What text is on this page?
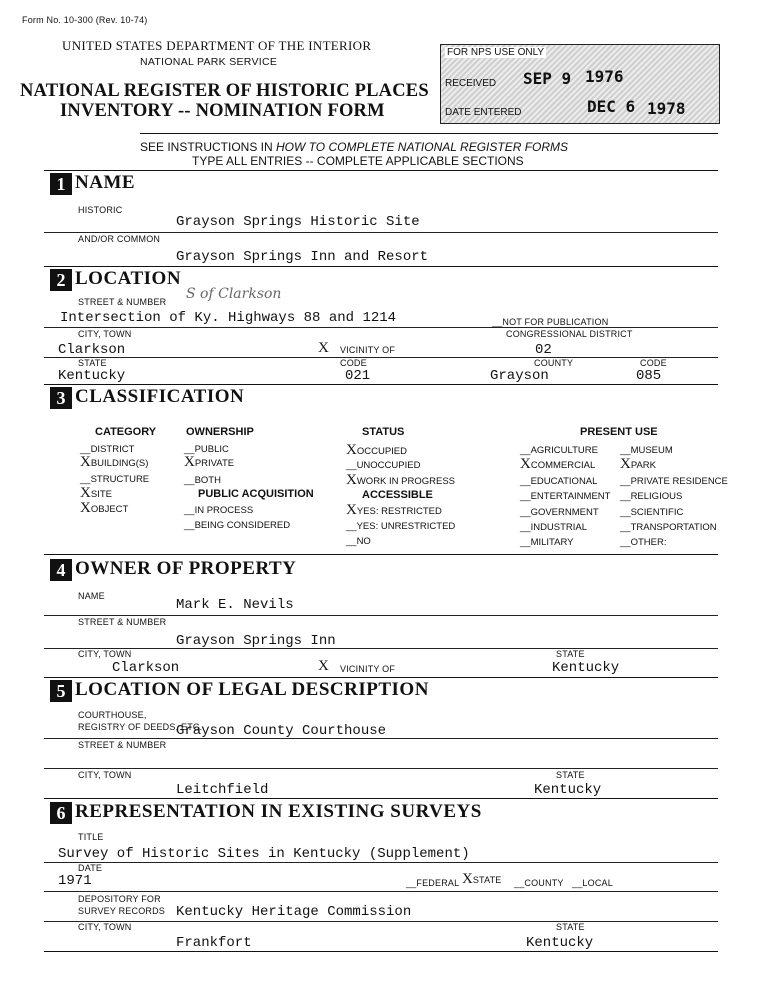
Form No. 10-300 (Rev. 10-74)
UNITED STATES DEPARTMENT OF THE INTERIOR
NATIONAL PARK SERVICE
NATIONAL REGISTER OF HISTORIC PLACES
INVENTORY -- NOMINATION FORM
FOR NPS USE ONLY
RECEIVED SEP 9 1976
DATE ENTERED	DEC 6 1978
SEE INSTRUCTIONS IN HOW TO COMPLETE NATIONAL REGISTER FORMS
TYPE ALL ENTRIES -- COMPLETE APPLICABLE SECTIONS
1 NAME
HISTORIC
Grayson Springs Historic Site
AND/OR COMMON
Grayson Springs Inn and Resort
2 LOCATION
STREET & NUMBER S of Clarkson
Intersection of Ky. Highways 88 and 1214	__NOT FOR PUBLICATION
CITY, TOWN	CONGRESSIONAL DISTRICT
Clarkson	X VICINITY OF	02
STATE	CODE	COUNTY	CODE
Kentucky	021	Grayson	085
3 CLASSIFICATION
CATEGORY	OWNERSHIP	STATUS	PRESENT USE
__DISTRICT
XBUILDING(S)
__STRUCTURE
XSITE
XOBJECT
__PUBLIC
XPRIVATE
__BOTH
PUBLIC ACQUISITION
__IN PROCESS
__BEING CONSIDERED
XOCCUPIED
__UNOCCUPIED
XWORK IN PROGRESS
ACCESSIBLE
XYES: RESTRICTED
__YES: UNRESTRICTED
__NO
__AGRICULTURE
XCOMMERCIAL
__EDUCATIONAL
__ENTERTAINMENT
__GOVERNMENT
__INDUSTRIAL
__MILITARY
__MUSEUM
XPARK
__PRIVATE RESIDENCE
__RELIGIOUS
__SCIENTIFIC
__TRANSPORTATION
__OTHER:
4 OWNER OF PROPERTY
NAME
Mark E. Nevils
STREET & NUMBER
Grayson Springs Inn
CITY, TOWN	STATE
Clarkson	X VICINITY OF	Kentucky
5 LOCATION OF LEGAL DESCRIPTION
COURTHOUSE,
REGISTRY OF DEEDS, ETC.
Grayson County Courthouse
STREET & NUMBER
CITY, TOWN	STATE
Leitchfield	Kentucky
6 REPRESENTATION IN EXISTING SURVEYS
TITLE
Survey of Historic Sites in Kentucky (Supplement)
DATE
1971	__FEDERAL XSTATE __COUNTY __LOCAL
DEPOSITORY FOR
SURVEY RECORDS Kentucky Heritage Commission
CITY, TOWN	STATE
Frankfort	Kentucky
